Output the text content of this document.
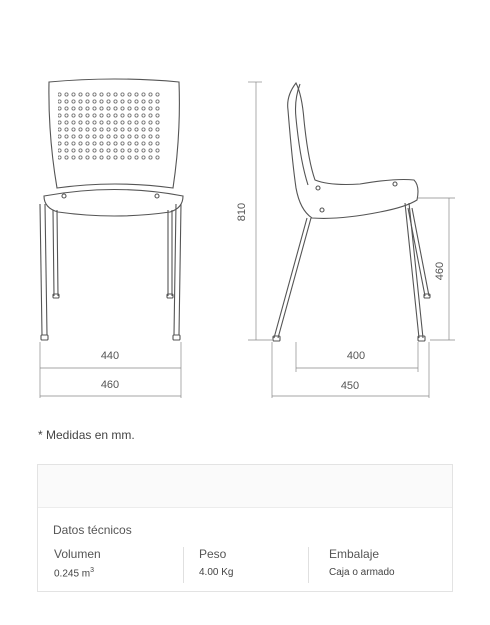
440
460
810
460
400
450
* Medidas en mm.
Datos técnicos
Volumen
0.245 $m^3$
Peso
4.00 Kg
Embalaje
Caja o armado
